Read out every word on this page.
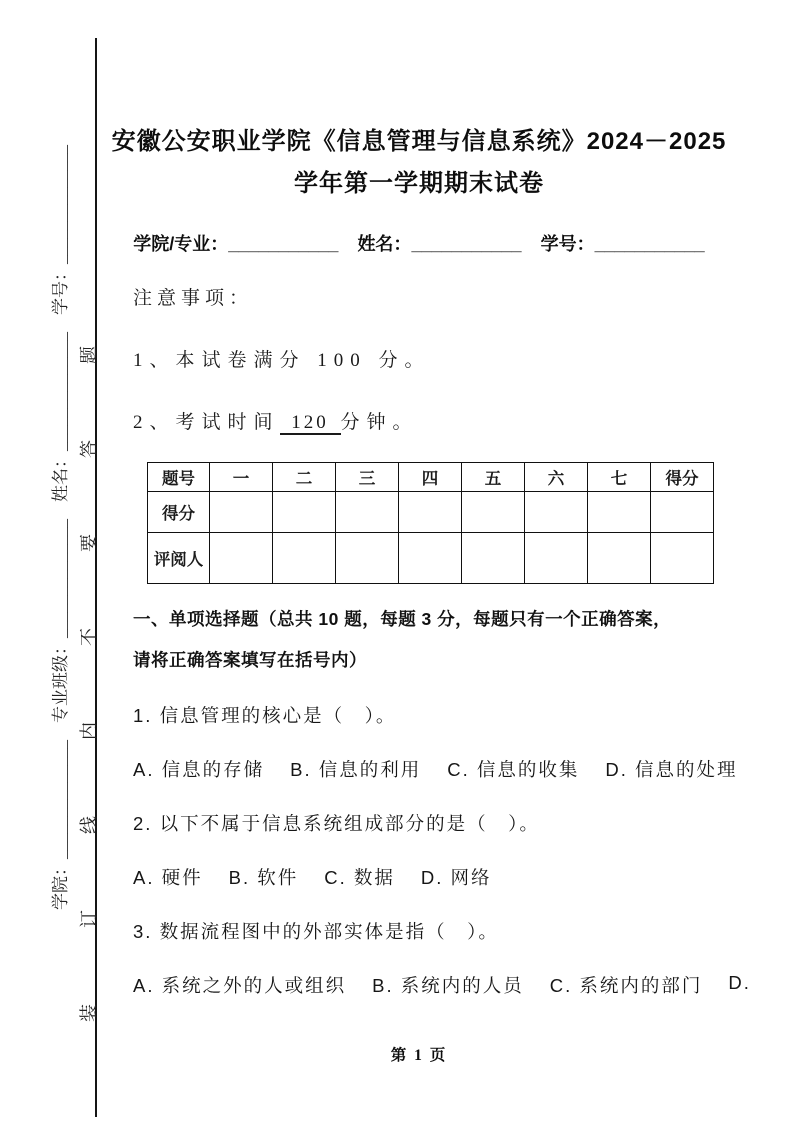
学院：______________　专业班级：______________　姓名：______________　学号：______________ 装订线内不要答题
安徽公安职业学院《信息管理与信息系统》2024－2025
学年第一学期期末试卷
学院/专业：___________ 姓名：___________ 学号：___________
注意事项：
1、本试卷满分 100 分。
2、考试时间 120 分钟。
题号	一	二	三	四	五	六	七	得分
得分								
评阅人								
一、单项选择题（总共 10 题，每题 3 分，每题只有一个正确答案，
请将正确答案填写在括号内）
1. 信息管理的核心是（　）。
A. 信息的存储 B. 信息的利用 C. 信息的收集 D. 信息的处理
2. 以下不属于信息系统组成部分的是（　）。
A. 硬件 B. 软件 C. 数据 D. 网络
3. 数据流程图中的外部实体是指（　）。
A. 系统之外的人或组织 B. 系统内的人员 C. 系统内的部门 D.
第 1 页
